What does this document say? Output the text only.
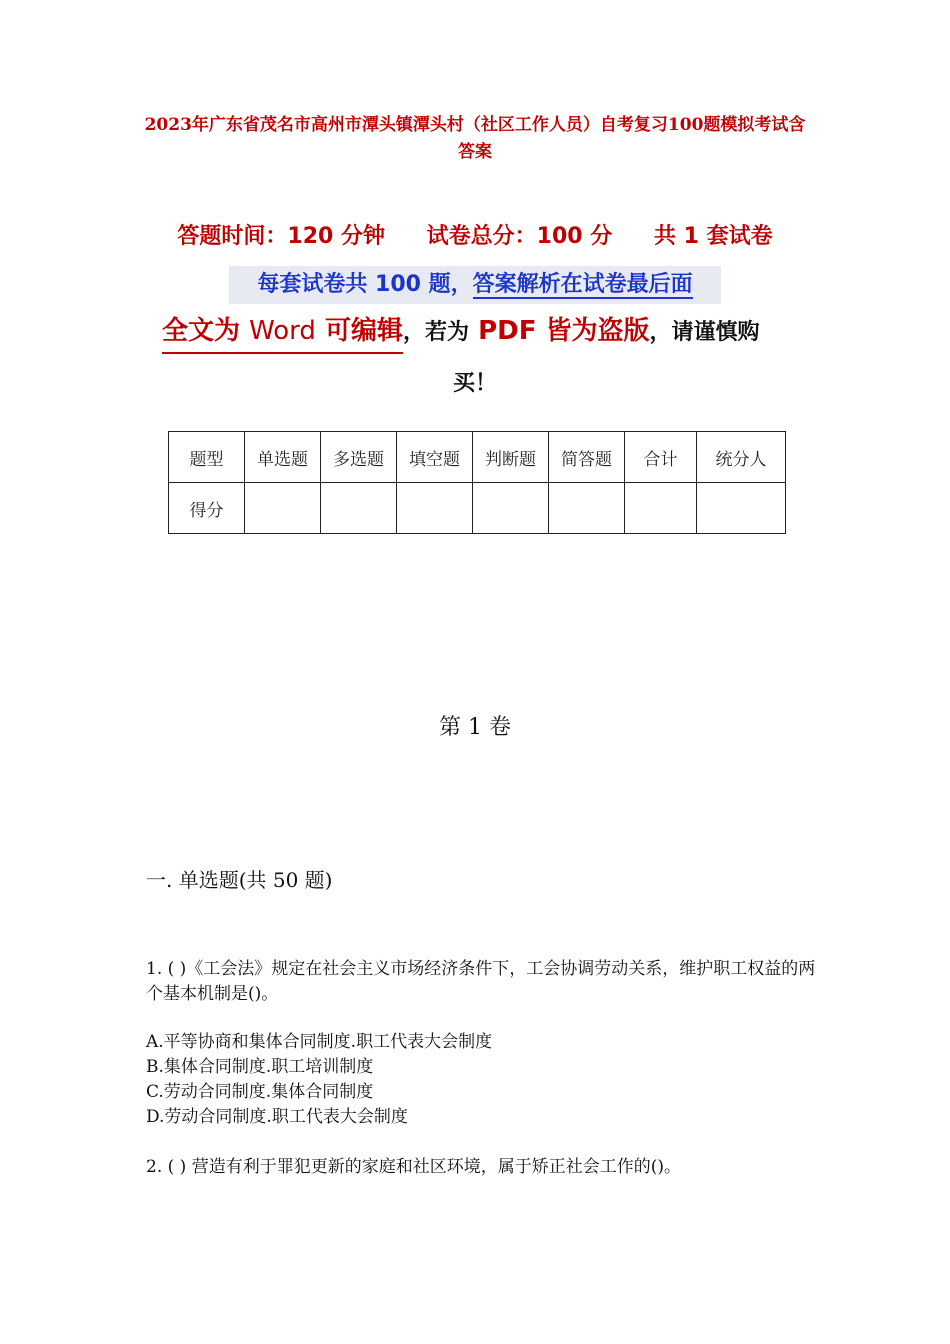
2023年广东省茂名市高州市潭头镇潭头村（社区工作人员）自考复习100题模拟考试含答案
答题时间：120 分钟 试卷总分：100 分 共 1 套试卷
每套试卷共 100 题，答案解析在试卷最后面
全文为 Word 可编辑，若为 PDF 皆为盗版，请谨慎购
买！
题型	单选题	多选题	填空题	判断题	简答题	合计	统分人
得分							
第 1 卷
一. 单选题(共 50 题)
1. ( )《工会法》规定在社会主义市场经济条件下，工会协调劳动关系，维护职工权益的两个基本机制是()。
A.平等协商和集体合同制度.职工代表大会制度
B.集体合同制度.职工培训制度
C.劳动合同制度.集体合同制度
D.劳动合同制度.职工代表大会制度
2. ( ) 营造有利于罪犯更新的家庭和社区环境，属于矫正社会工作的()。
